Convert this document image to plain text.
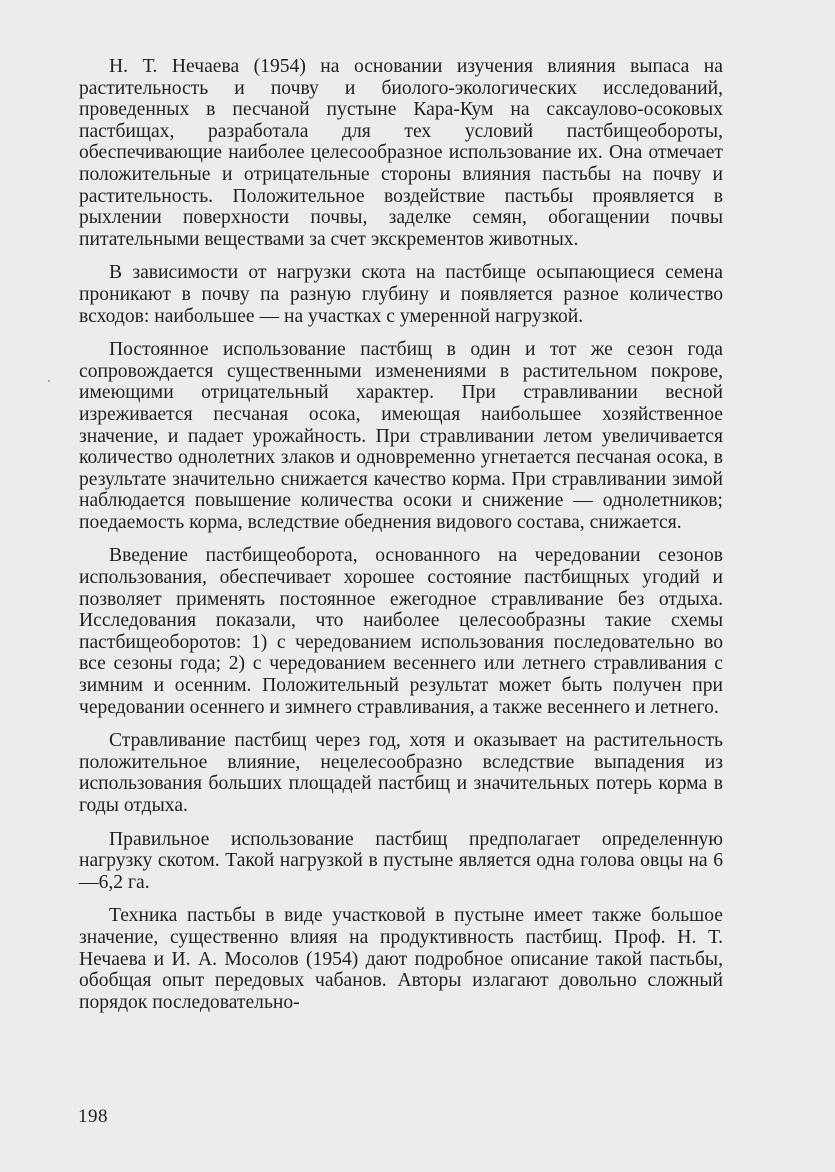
Н. Т. Нечаева (1954) на основании изучения влияния выпаса на растительность и почву и биолого-экологических исследований, проведенных в песчаной пустыне Кара-Кум на саксаулово-осоковых пастбищах, разработала для тех условий пастбищеобороты, обеспечивающие наиболее целесообразное использование их. Она отмечает положительные и отрицательные стороны влияния пастьбы на почву и растительность. Положительное воздействие пастьбы проявляется в рыхлении поверхности почвы, заделке семян, обогащении почвы питательными веществами за счет экскрементов животных.

В зависимости от нагрузки скота на пастбище осыпающиеся семена проникают в почву па разную глубину и появляется разное количество всходов: наибольшее — на участках с умеренной нагрузкой.

Постоянное использование пастбищ в один и тот же сезон года сопровождается существенными изменениями в растительном покрове, имеющими отрицательный характер. При стравливании весной изреживается песчаная осока, имеющая наибольшее хозяйственное значение, и падает урожайность. При стравливании летом увеличивается количество однолетних злаков и одновременно угнетается песчаная осока, в результате значительно снижается качество корма. При стравливании зимой наблюдается повышение количества осоки и снижение — однолетников; поедаемость корма, вследствие обеднения видового состава, снижается.

Введение пастбищеоборота, основанного на чередовании сезонов использования, обеспечивает хорошее состояние пастбищных угодий и позволяет применять постоянное ежегодное стравливание без отдыха. Исследования показали, что наиболее целесообразны такие схемы пастбищеоборотов: 1) с чередованием использования последовательно во все сезоны года; 2) с чередованием весеннего или летнего стравливания с зимним и осенним. Положительный результат может быть получен при чередовании осеннего и зимнего стравливания, а также весеннего и летнего.

Стравливание пастбищ через год, хотя и оказывает на растительность положительное влияние, нецелесообразно вследствие выпадения из использования больших площадей пастбищ и значительных потерь корма в годы отдыха.

Правильное использование пастбищ предполагает определенную нагрузку скотом. Такой нагрузкой в пустыне является одна голова овцы на 6—6,2 га.

Техника пастьбы в виде участковой в пустыне имеет также большое значение, существенно влияя на продуктивность пастбищ. Проф. Н. Т. Нечаева и И. А. Мосолов (1954) дают подробное описание такой пастьбы, обобщая опыт передовых чабанов. Авторы излагают довольно сложный порядок последовательно-

198
